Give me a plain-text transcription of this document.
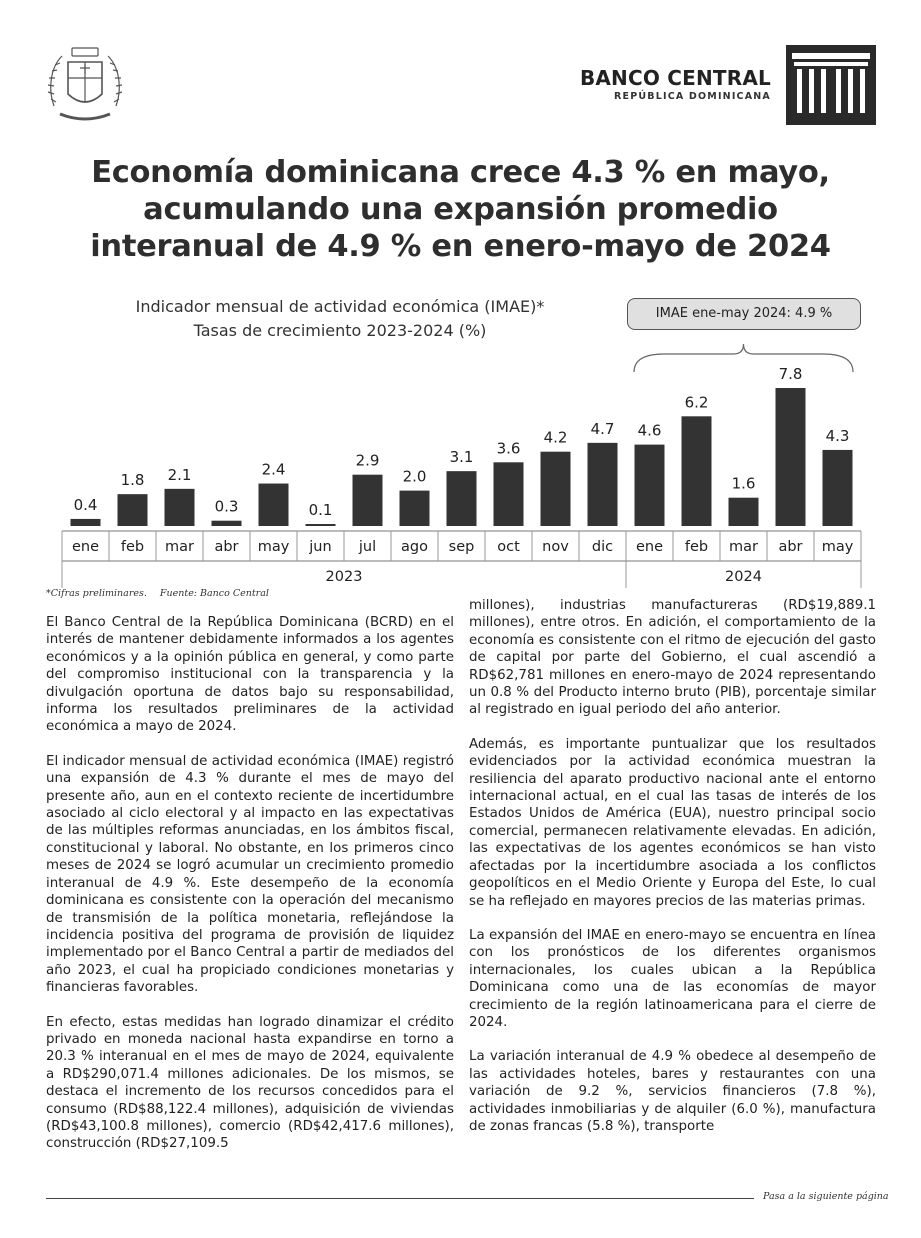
BANCO CENTRAL
REPÚBLICA DOMINICANA
Economía dominicana crece 4.3 % en mayo,
acumulando una expansión promedio
interanual de 4.9 % en enero-mayo de 2024
Indicador mensual de actividad económica (IMAE)*
Tasas de crecimiento 2023-2024 (%)
IMAE ene-may 2024: 4.9 %
0.4
1.8 2.1
0.3
2.4
0.1
2.9
2.0
3.1 3.6
4.2 4.7 4.6
6.2
1.6
7.8
4.3
ene feb mar abr may jun jul ago sep oct nov dic ene feb mar abr may
2023	2024
*Cifras preliminares. Fuente: Banco Central

El Banco Central de la República Dominicana (BCRD) en el interés de mantener debidamente informados a los agentes económicos y a la opinión pública en general, y como parte del compromiso institucional con la transparencia y la divulgación oportuna de datos bajo su responsabilidad, informa los resultados preliminares de la actividad económica a mayo de 2024.

El indicador mensual de actividad económica (IMAE) registró una expansión de 4.3 % durante el mes de mayo del presente año, aun en el contexto reciente de incertidumbre asociado al ciclo electoral y al impacto en las expectativas de las múltiples reformas anunciadas, en los ámbitos fiscal, constitucional y laboral. No obstante, en los primeros cinco meses de 2024 se logró acumular un crecimiento promedio interanual de 4.9 %. Este desempeño de la economía dominicana es consistente con la operación del mecanismo de transmisión de la política monetaria, reflejándose la incidencia positiva del programa de provisión de liquidez implementado por el Banco Central a partir de mediados del año 2023, el cual ha propiciado condiciones monetarias y financieras favorables.

En efecto, estas medidas han logrado dinamizar el crédito privado en moneda nacional hasta expandirse en torno a 20.3 % interanual en el mes de mayo de 2024, equivalente a RD$290,071.4 millones adicionales. De los mismos, se destaca el incremento de los recursos concedidos para el consumo (RD$88,122.4 millones), adquisición de viviendas (RD$43,100.8 millones), comercio (RD$42,417.6 millones), construcción (RD$27,109.5

millones), industrias manufactureras (RD$19,889.1 millones), entre otros. En adición, el comportamiento de la economía es consistente con el ritmo de ejecución del gasto de capital por parte del Gobierno, el cual ascendió a RD$62,781 millones en enero-mayo de 2024 representando un 0.8 % del Producto interno bruto (PIB), porcentaje similar al registrado en igual periodo del año anterior.

Además, es importante puntualizar que los resultados evidenciados por la actividad económica muestran la resiliencia del aparato productivo nacional ante el entorno internacional actual, en el cual las tasas de interés de los Estados Unidos de América (EUA), nuestro principal socio comercial, permanecen relativamente elevadas. En adición, las expectativas de los agentes económicos se han visto afectadas por la incertidumbre asociada a los conflictos geopolíticos en el Medio Oriente y Europa del Este, lo cual se ha reflejado en mayores precios de las materias primas.

La expansión del IMAE en enero-mayo se encuentra en línea con los pronósticos de los diferentes organismos internacionales, los cuales ubican a la República Dominicana como una de las economías de mayor crecimiento de la región latinoamericana para el cierre de 2024.

La variación interanual de 4.9 % obedece al desempeño de las actividades hoteles, bares y restaurantes con una variación de 9.2 %, servicios financieros (7.8 %), actividades inmobiliarias y de alquiler (6.0 %), manufactura de zonas francas (5.8 %), transporte

Pasa a la siguiente página
